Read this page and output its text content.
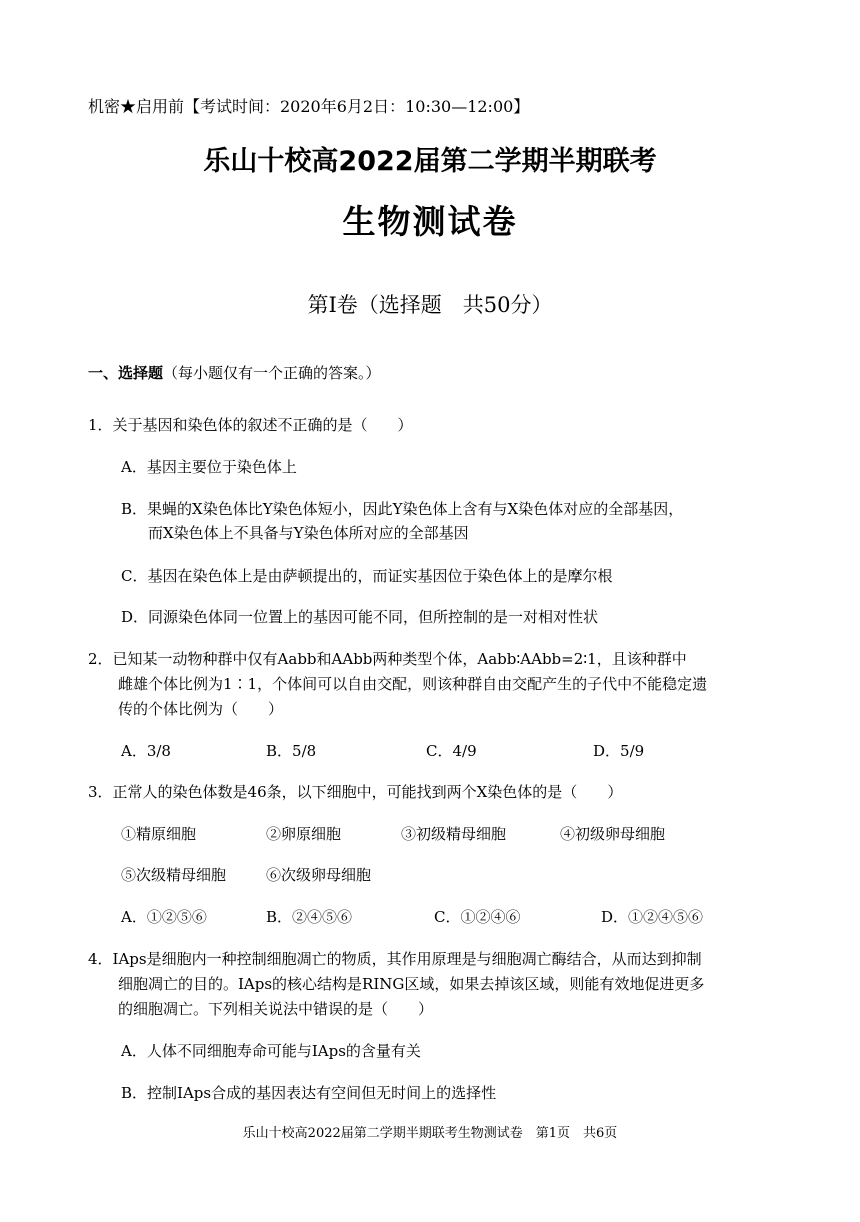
机密★启用前【考试时间：2020年6月2日：10:30—12:00】
乐山十校高2022届第二学期半期联考
生物测试卷
第Ⅰ卷（选择题　共50分）
一、选择题（每小题仅有一个正确的答案。）
1．关于基因和染色体的叙述不正确的是（　　）
A．基因主要位于染色体上
B．果蝇的X染色体比Y染色体短小，因此Y染色体上含有与X染色体对应的全部基因，
而X染色体上不具备与Y染色体所对应的全部基因
C．基因在染色体上是由萨顿提出的，而证实基因位于染色体上的是摩尔根
D．同源染色体同一位置上的基因可能不同，但所控制的是一对相对性状
2．已知某一动物种群中仅有Aabb和AAbb两种类型个体，Aabb∶AAbb=2∶1，且该种群中
雌雄个体比例为1∶1，个体间可以自由交配，则该种群自由交配产生的子代中不能稳定遗
传的个体比例为（　　）
A．3/8	B．5/8	C．4/9	D．5/9
3．正常人的染色体数是46条，以下细胞中，可能找到两个X染色体的是（　　）
①精原细胞	②卵原细胞	③初级精母细胞	④初级卵母细胞
⑤次级精母细胞	⑥次级卵母细胞
A．①②⑤⑥	B．②④⑤⑥	C．①②④⑥	D．①②④⑤⑥
4．IAps是细胞内一种控制细胞凋亡的物质，其作用原理是与细胞凋亡酶结合，从而达到抑制
细胞凋亡的目的。IAps的核心结构是RING区域，如果去掉该区域，则能有效地促进更多
的细胞凋亡。下列相关说法中错误的是（　　）
A．人体不同细胞寿命可能与IAps的含量有关
B．控制IAps合成的基因表达有空间但无时间上的选择性
乐山十校高2022届第二学期半期联考生物测试卷　第1页　共6页
